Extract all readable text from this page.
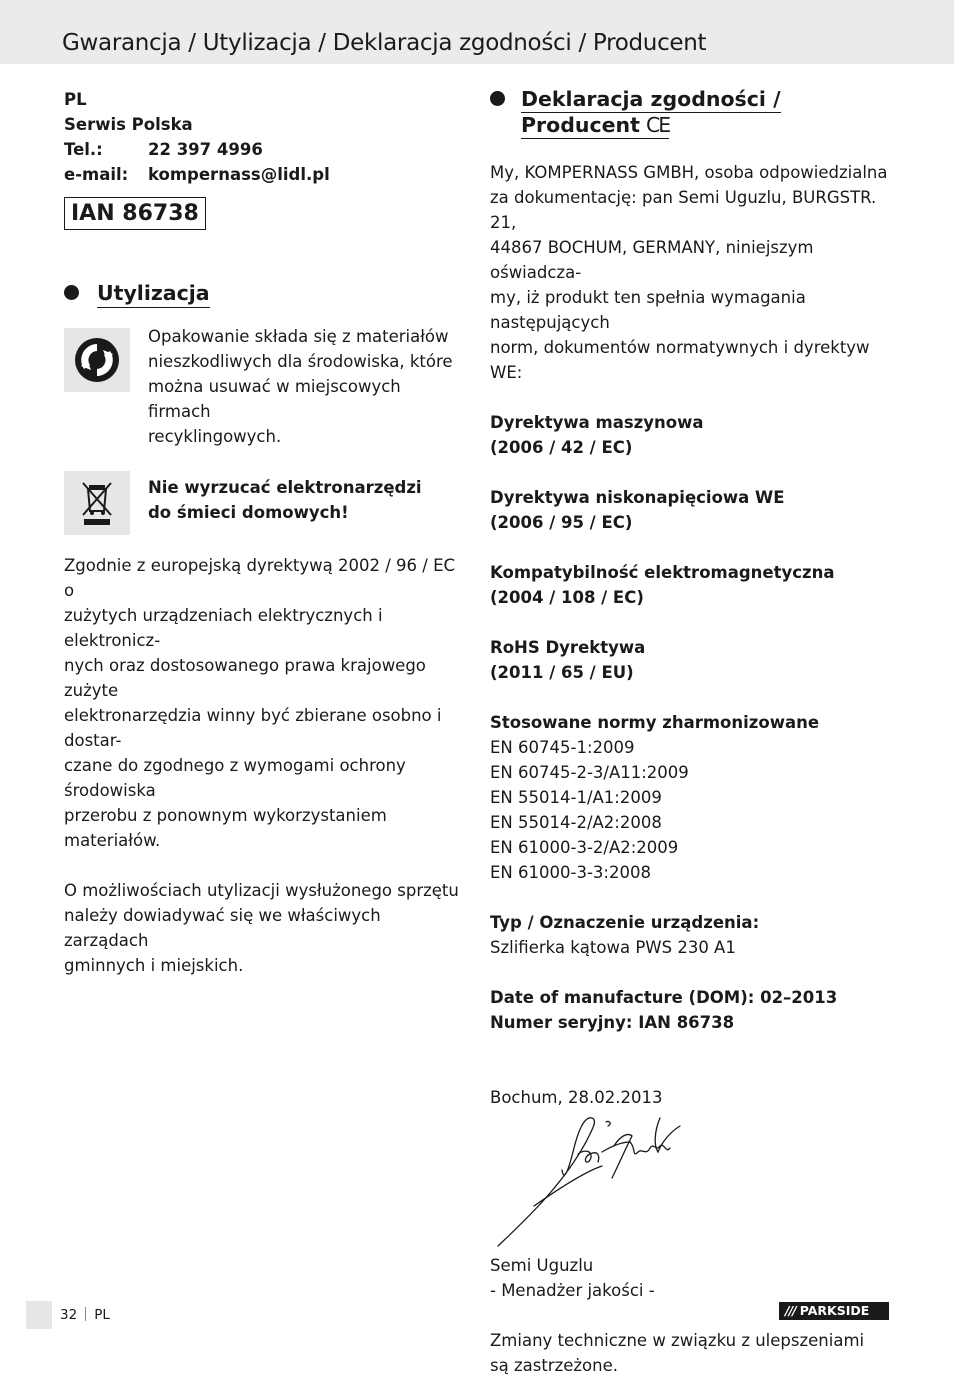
Gwarancja / Utylizacja / Deklaracja zgodności / Producent
PL
Serwis Polska
Tel.:	22 397 4996
e-mail: kompernass@lidl.pl
IAN 86738
Utylizacja

Opakowanie składa się z materiałów
nieszkodliwych dla środowiska, które
można usuwać w miejscowych firmach
recyklingowych.

Nie wyrzucać elektronarzędzi
do śmieci domowych!

Zgodnie z europejską dyrektywą 2002 / 96 / EC o
zużytych urządzeniach elektrycznych i elektronicz-
nych oraz dostosowanego prawa krajowego zużyte
elektronarzędzia winny być zbierane osobno i dostar-
czane do zgodnego z wymogami ochrony środowiska
przerobu z ponownym wykorzystaniem materiałów.

O możliwościach utylizacji wysłużonego sprzętu
należy dowiadywać się we właściwych zarządach
gminnych i miejskich.

Deklaracja zgodności /
Producent CE

My, KOMPERNASS GMBH, osoba odpowiedzialna
za dokumentację: pan Semi Uguzlu, BURGSTR. 21,
44867 BOCHUM, GERMANY, niniejszym oświadcza-
my, iż produkt ten spełnia wymagania następujących
norm, dokumentów normatywnych i dyrektyw WE:

Dyrektywa maszynowa
(2006 / 42 / EC)
Dyrektywa niskonapięciowa WE
(2006 / 95 / EC)
Kompatybilność elektromagnetyczna
(2004 / 108 / EC)
RoHS Dyrektywa
(2011 / 65 / EU)
Stosowane normy zharmonizowane
EN 60745-1:2009
EN 60745-2-3/A11:2009
EN 55014-1/A1:2009
EN 55014-2/A2:2008
EN 61000-3-2/A2:2009
EN 61000-3-3:2008
Typ / Oznaczenie urządzenia:
Szlifierka kątowa PWS 230 A1
Date of manufacture (DOM): 02–2013
Numer seryjny: IAN 86738
Bochum, 28.02.2013
Semi Uguzlu
- Menadżer jakości -

Zmiany techniczne w związku z ulepszeniami
są zastrzeżone.

32 PL	/// PARKSIDE
